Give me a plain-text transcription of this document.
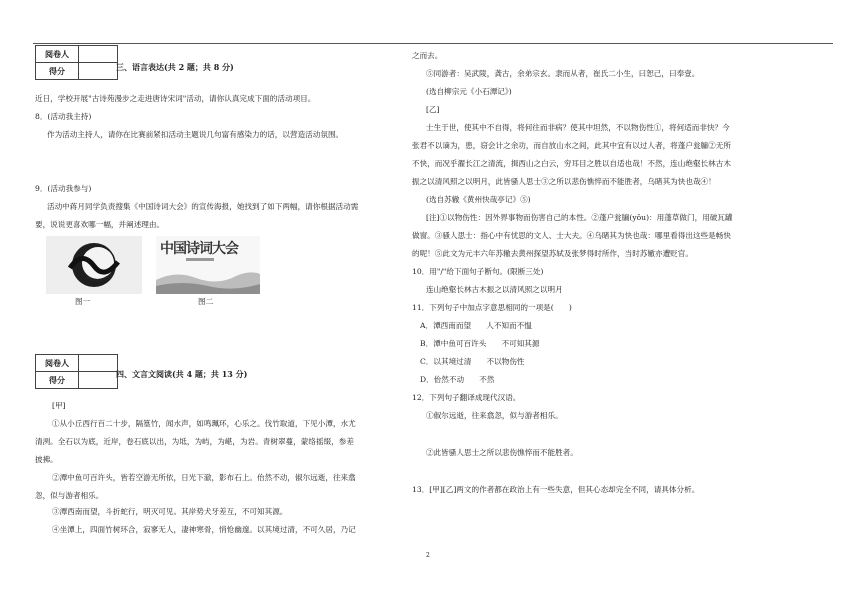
阅卷人	
得分		三、语言表达(共 2 题；共 8 分)
近日，学校开展"古诗苑漫步之走进唐诗宋词"活动，请你认真完成下面的活动项目。
8．(活动我主持)
作为活动主持人，请你在比赛前紧扣活动主题说几句富有感染力的话，以营造活动氛围。
9．(活动我参与)
活动中蒋月同学负责搜集《中国诗词大会》的宣传海报，她找到了如下两幅，请你根据活动需
要，说说更喜欢哪一幅，并阐述理由。
中国诗词大会
图一	图二
阅卷人	
得分	
四、文言文阅读(共 4 题；共 13 分)
[甲]
①从小丘西行百二十步，隔篁竹，闻水声，如鸣珮环，心乐之。伐竹取道，下见小潭，水尤
清洌。全石以为底，近岸，卷石底以出，为坻，为屿，为嵁，为岩。青树翠蔓，蒙络摇缀，参差
披拂。
②潭中鱼可百许头，皆若空游无所依，日光下澈，影布石上。佁然不动，俶尔远逝，往来翕
忽，似与游者相乐。
③潭西南而望，斗折蛇行，明灭可见。其岸势犬牙差互，不可知其源。
④坐潭上，四面竹树环合，寂寥无人，凄神寒骨，悄怆幽邃。以其境过清，不可久居，乃记
之而去。
⑤同游者：吴武陵，龚古，余弟宗玄。隶而从者，崔氏二小生，曰恕己，曰奉壹。
(选自柳宗元《小石潭记》)
[乙]
士生于世，使其中不自得，将何往而非病？使其中坦然，不以物伤性①，将何适而非快？今
张君不以谪为，患，窃会计之余功，而自放山水之间，此其中宜有以过人者，将蓬户瓮牖②无所
不快，而况乎濯长江之清流，揖西山之白云，穷耳目之胜以自适也哉！不然，连山绝壑长林古木
振之以清风照之以明月，此皆骚人思士③之所以悲伤憔悴而不能胜者，乌睹其为快也哉④！
(选自苏辙《黄州快哉亭记》⑤)
[注]①以物伤性：因外界事物而伤害自己的本性。②蓬户瓮牖(yǒu)：用蓬草做门，用破瓦罐
做窗。③骚人思士：指心中有忧思的文人、士大夫。④乌睹其为快也哉：哪里看得出这些是畅快
的呢！⑤此文为元丰六年苏辙去黄州探望苏轼及张梦得时所作，当时苏辙亦遭贬官。
10．用"/"给下面句子断句。(限断三处)
连山绝壑长林古木振之以清风照之以明月
11．下列句子中加点字意思相同的一项是(　　)
A．潭西南而望　　人不知而不愠
B．潭中鱼可百许头　　不可知其源
C．以其境过清　　不以物伤性
D．佁然不动　　不然
12．下列句子翻译成现代汉语。
①俶尔远逝，往来翕忽，似与游者相乐。
②此皆骚人思士之所以悲伤憔悴而不能胜者。
13．[甲][乙]两文的作者都在政治上有一些失意，但其心态却完全不同，请具体分析。
2
